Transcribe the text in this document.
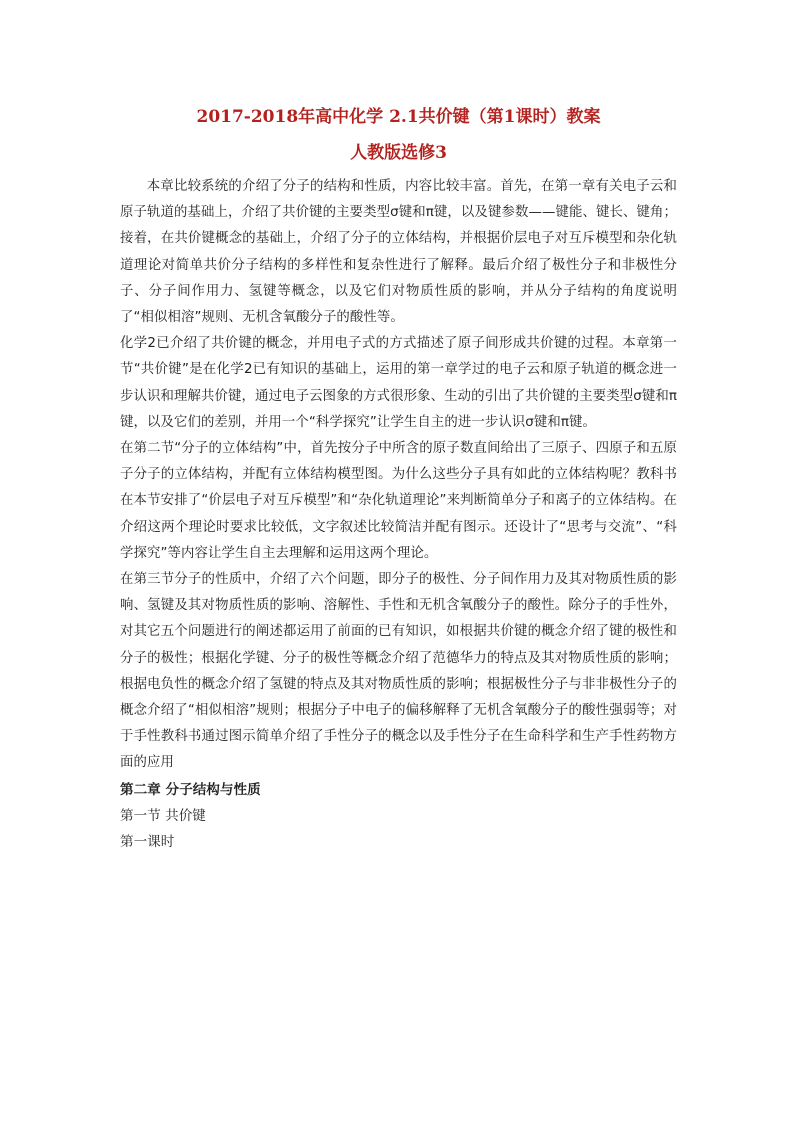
2017-2018年高中化学 2.1共价键（第1课时）教案
人教版选修3

本章比较系统的介绍了分子的结构和性质，内容比较丰富。首先，在第一章有关电子云和原子轨道的基础上，介绍了共价键的主要类型σ键和π键，以及键参数——键能、键长、键角；接着，在共价键概念的基础上，介绍了分子的立体结构，并根据价层电子对互斥模型和杂化轨道理论对简单共价分子结构的多样性和复杂性进行了解释。最后介绍了极性分子和非极性分子、分子间作用力、氢键等概念，以及它们对物质性质的影响，并从分子结构的角度说明了“相似相溶”规则、无机含氧酸分子的酸性等。

化学2已介绍了共价键的概念，并用电子式的方式描述了原子间形成共价键的过程。本章第一节“共价键”是在化学2已有知识的基础上，运用的第一章学过的电子云和原子轨道的概念进一步认识和理解共价键，通过电子云图象的方式很形象、生动的引出了共价键的主要类型σ键和π键，以及它们的差别，并用一个“科学探究”让学生自主的进一步认识σ键和π键。

在第二节“分子的立体结构”中，首先按分子中所含的原子数直间给出了三原子、四原子和五原子分子的立体结构，并配有立体结构模型图。为什么这些分子具有如此的立体结构呢？教科书在本节安排了“价层电子对互斥模型”和“杂化轨道理论”来判断简单分子和离子的立体结构。在介绍这两个理论时要求比较低，文字叙述比较简洁并配有图示。还设计了“思考与交流”、“科学探究”等内容让学生自主去理解和运用这两个理论。

在第三节分子的性质中，介绍了六个问题，即分子的极性、分子间作用力及其对物质性质的影响、氢键及其对物质性质的影响、溶解性、手性和无机含氧酸分子的酸性。除分子的手性外，对其它五个问题进行的阐述都运用了前面的已有知识，如根据共价键的概念介绍了键的极性和分子的极性；根据化学键、分子的极性等概念介绍了范德华力的特点及其对物质性质的影响；根据电负性的概念介绍了氢键的特点及其对物质性质的影响；根据极性分子与非非极性分子的概念介绍了“相似相溶”规则；根据分子中电子的偏移解释了无机含氧酸分子的酸性强弱等；对于手性教科书通过图示简单介绍了手性分子的概念以及手性分子在生命科学和生产手性药物方面的应用

第二章 分子结构与性质

第一节 共价键

第一课时
